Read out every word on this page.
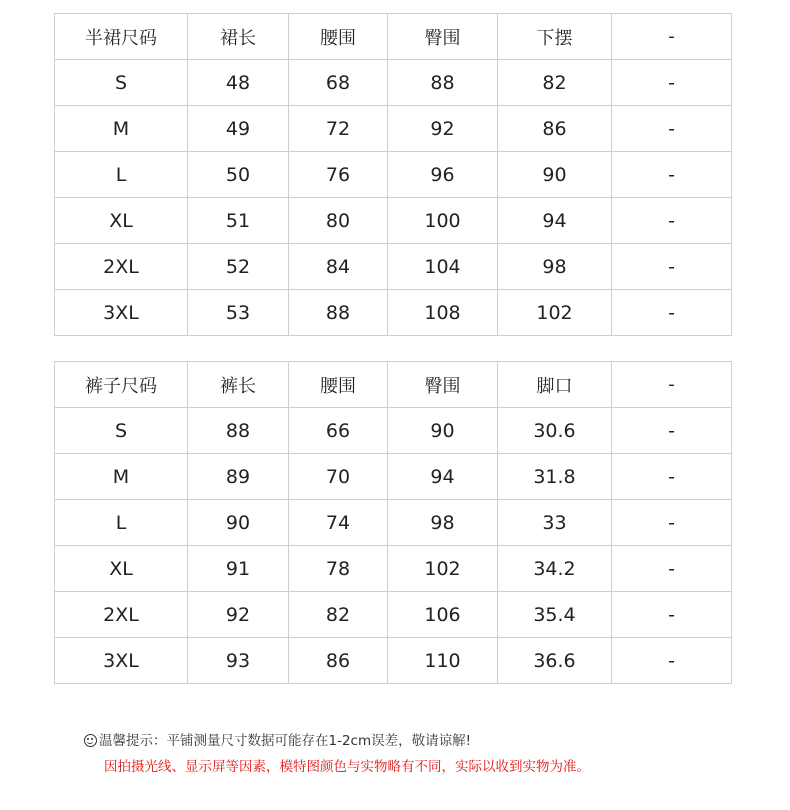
半裙尺码	裙长	腰围	臀围	下摆	-
S	48	68	88	82	-
M	49	72	92	86	-
L	50	76	96	90	-
XL	51	80	100	94	-
2XL	52	84	104	98	-
3XL	53	88	108	102	-
裤子尺码	裤长	腰围	臀围	脚口	-
S	88	66	90	30.6	-
M	89	70	94	31.8	-
L	90	74	98	33	-
XL	91	78	102	34.2	-
2XL	92	82	106	35.4	-
3XL	93	86	110	36.6	-
温馨提示：平铺测量尺寸数据可能存在1-2cm误差，敬请谅解!
因拍摄光线、显示屏等因素，模特图颜色与实物略有不同，实际以收到实物为准。
